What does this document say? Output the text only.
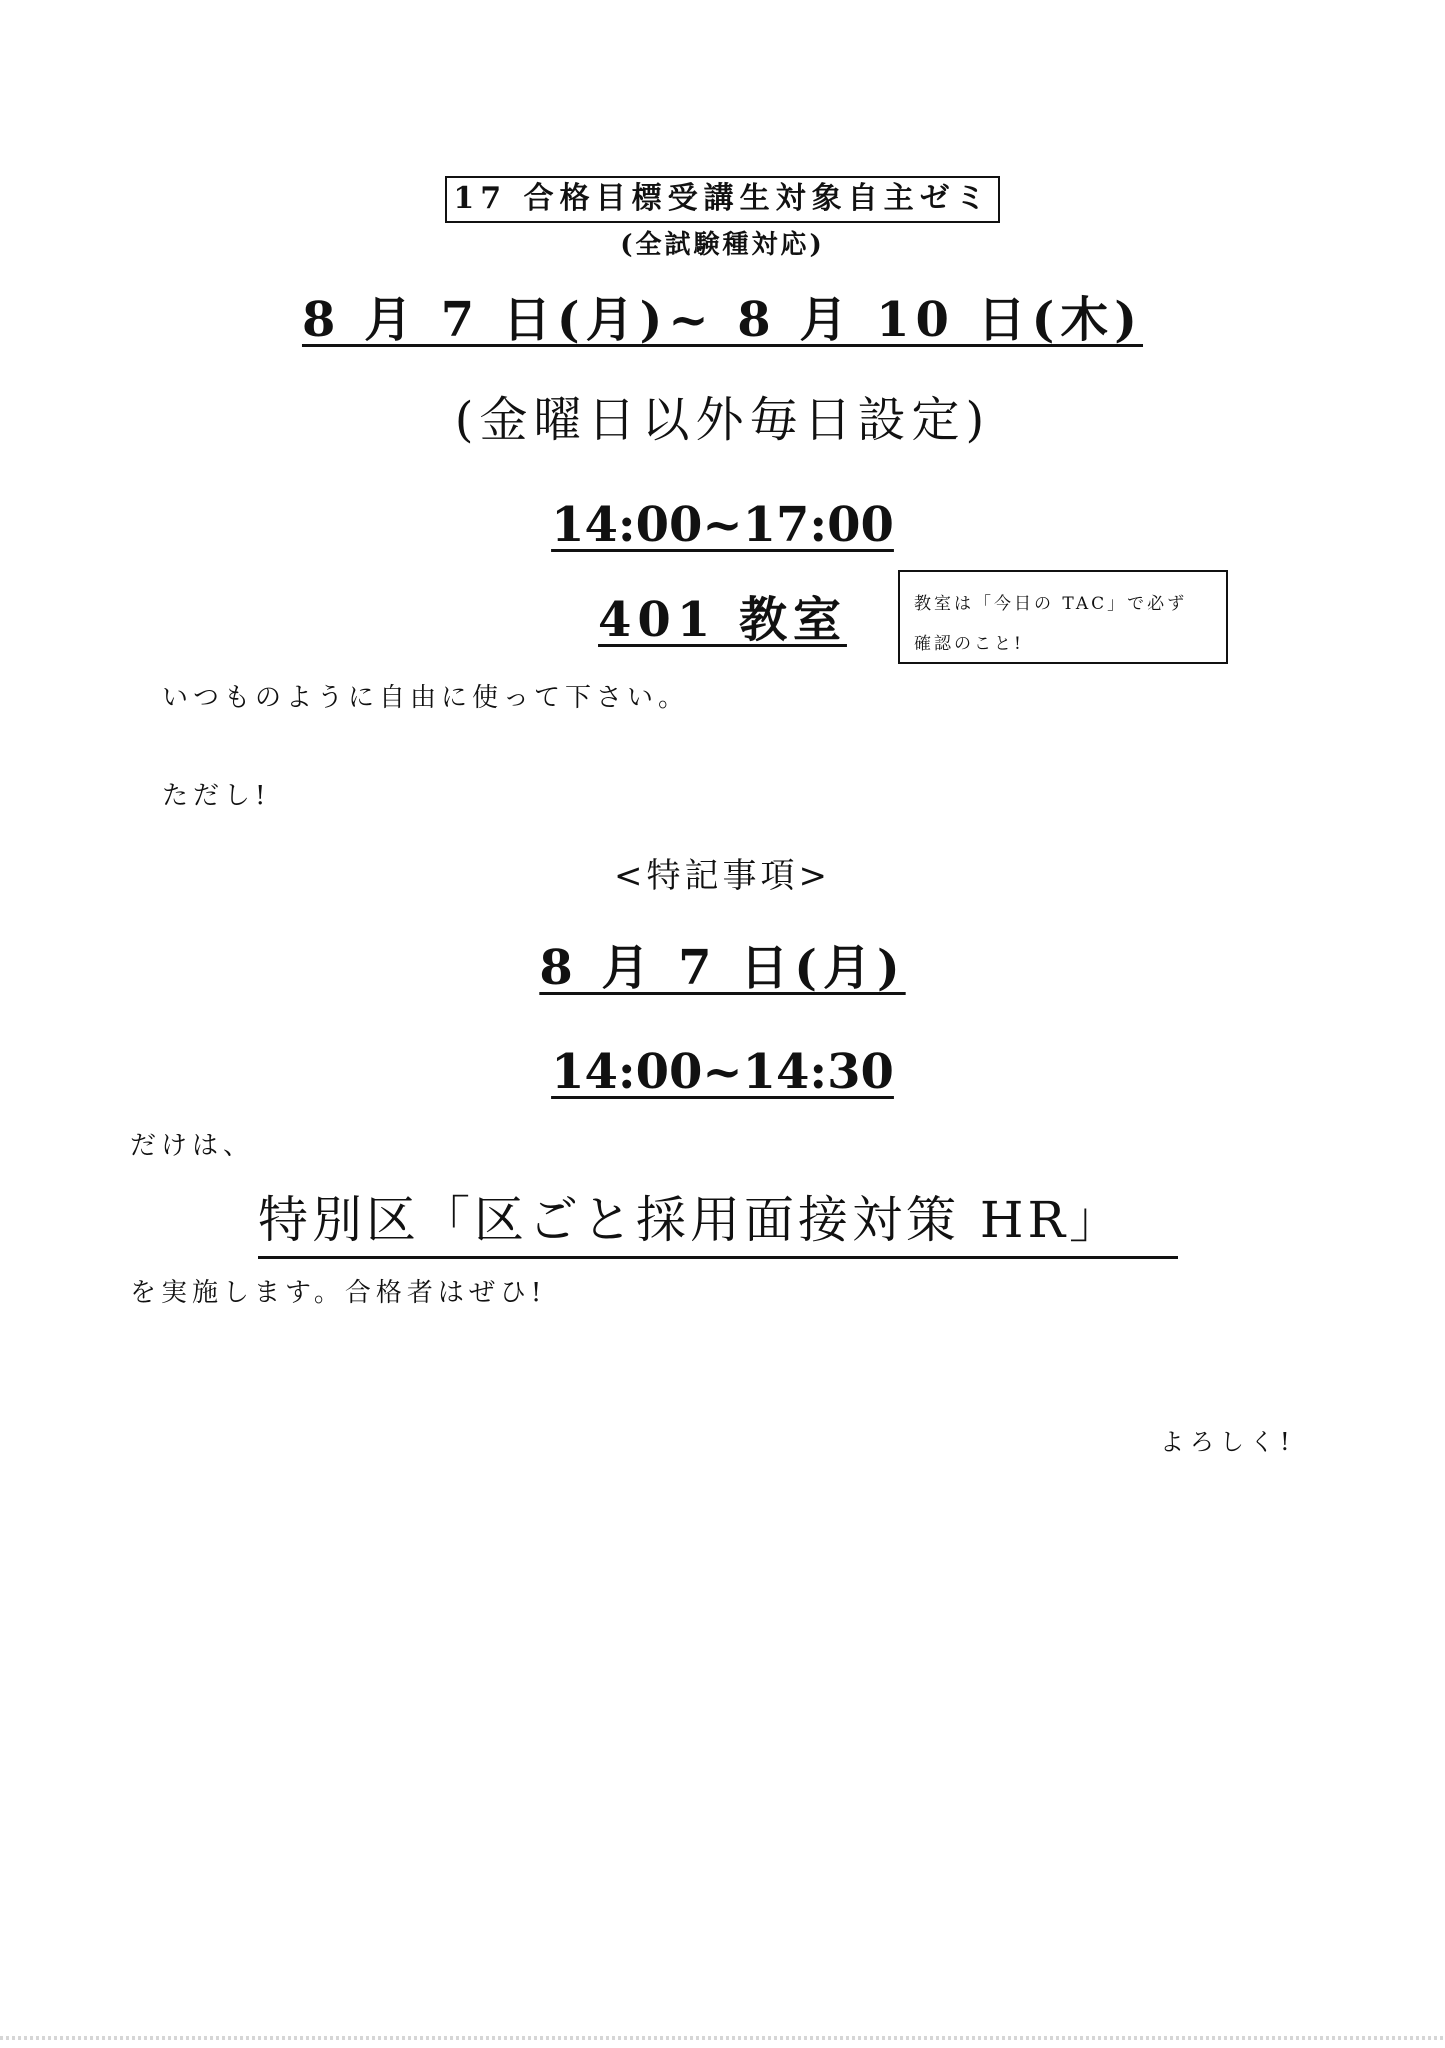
17 合格目標受講生対象自主ゼミ
(全試験種対応)
8 月 7 日(月)~ 8 月 10 日(木)
(金曜日以外毎日設定)
14:00~17:00
401 教室	教室は「今日の TAC」で必ず
確認のこと!
いつものように自由に使って下さい。
ただし!
<特記事項>
8 月 7 日(月)
14:00~14:30
だけは、
特別区「区ごと採用面接対策 HR」
を実施します。合格者はぜひ!
よろしく!
